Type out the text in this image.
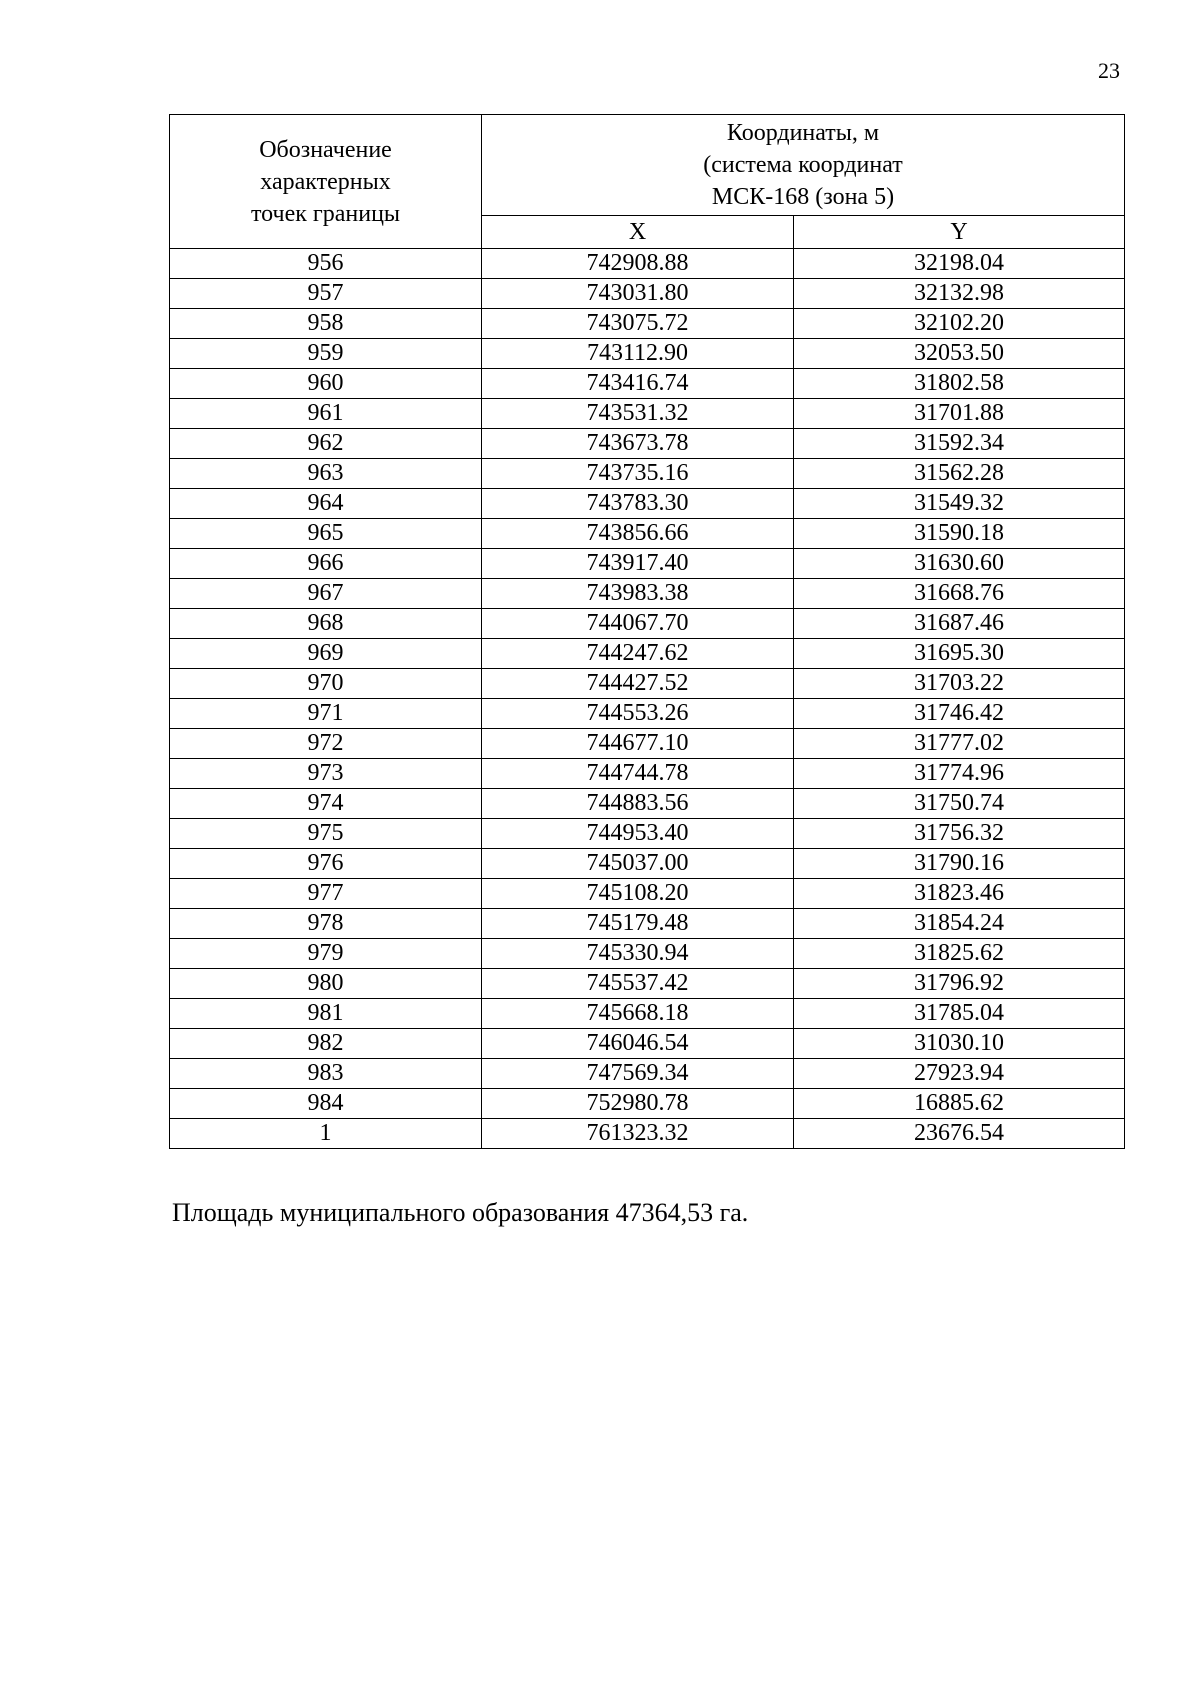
23
Обозначение
характерных
точек границы	Координаты, м
(система координат
МСК-168 (зона 5)	

	X	Y
956	742908.88	32198.04
957	743031.80	32132.98
958	743075.72	32102.20
959	743112.90	32053.50
960	743416.74	31802.58
961	743531.32	31701.88
962	743673.78	31592.34
963	743735.16	31562.28
964	743783.30	31549.32
965	743856.66	31590.18
966	743917.40	31630.60
967	743983.38	31668.76
968	744067.70	31687.46
969	744247.62	31695.30
970	744427.52	31703.22
971	744553.26	31746.42
972	744677.10	31777.02
973	744744.78	31774.96
974	744883.56	31750.74
975	744953.40	31756.32
976	745037.00	31790.16
977	745108.20	31823.46
978	745179.48	31854.24
979	745330.94	31825.62
980	745537.42	31796.92
981	745668.18	31785.04
982	746046.54	31030.10
983	747569.34	27923.94
984	752980.78	16885.62
1	761323.32	23676.54
Площадь муниципального образования 47364,53 га.
